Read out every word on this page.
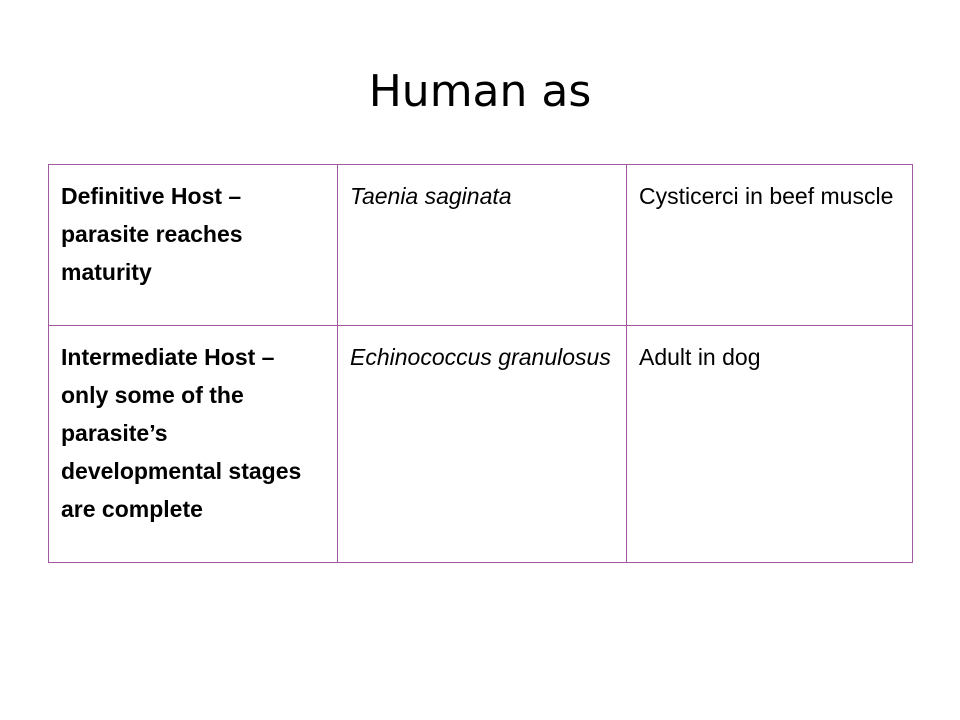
Human as
Definitive Host – parasite reaches maturity	Taenia saginata	Cysticerci in beef muscle
Intermediate Host – only some of the parasite’s developmental stages are complete	Echinococcus granulosus	Adult in dog
